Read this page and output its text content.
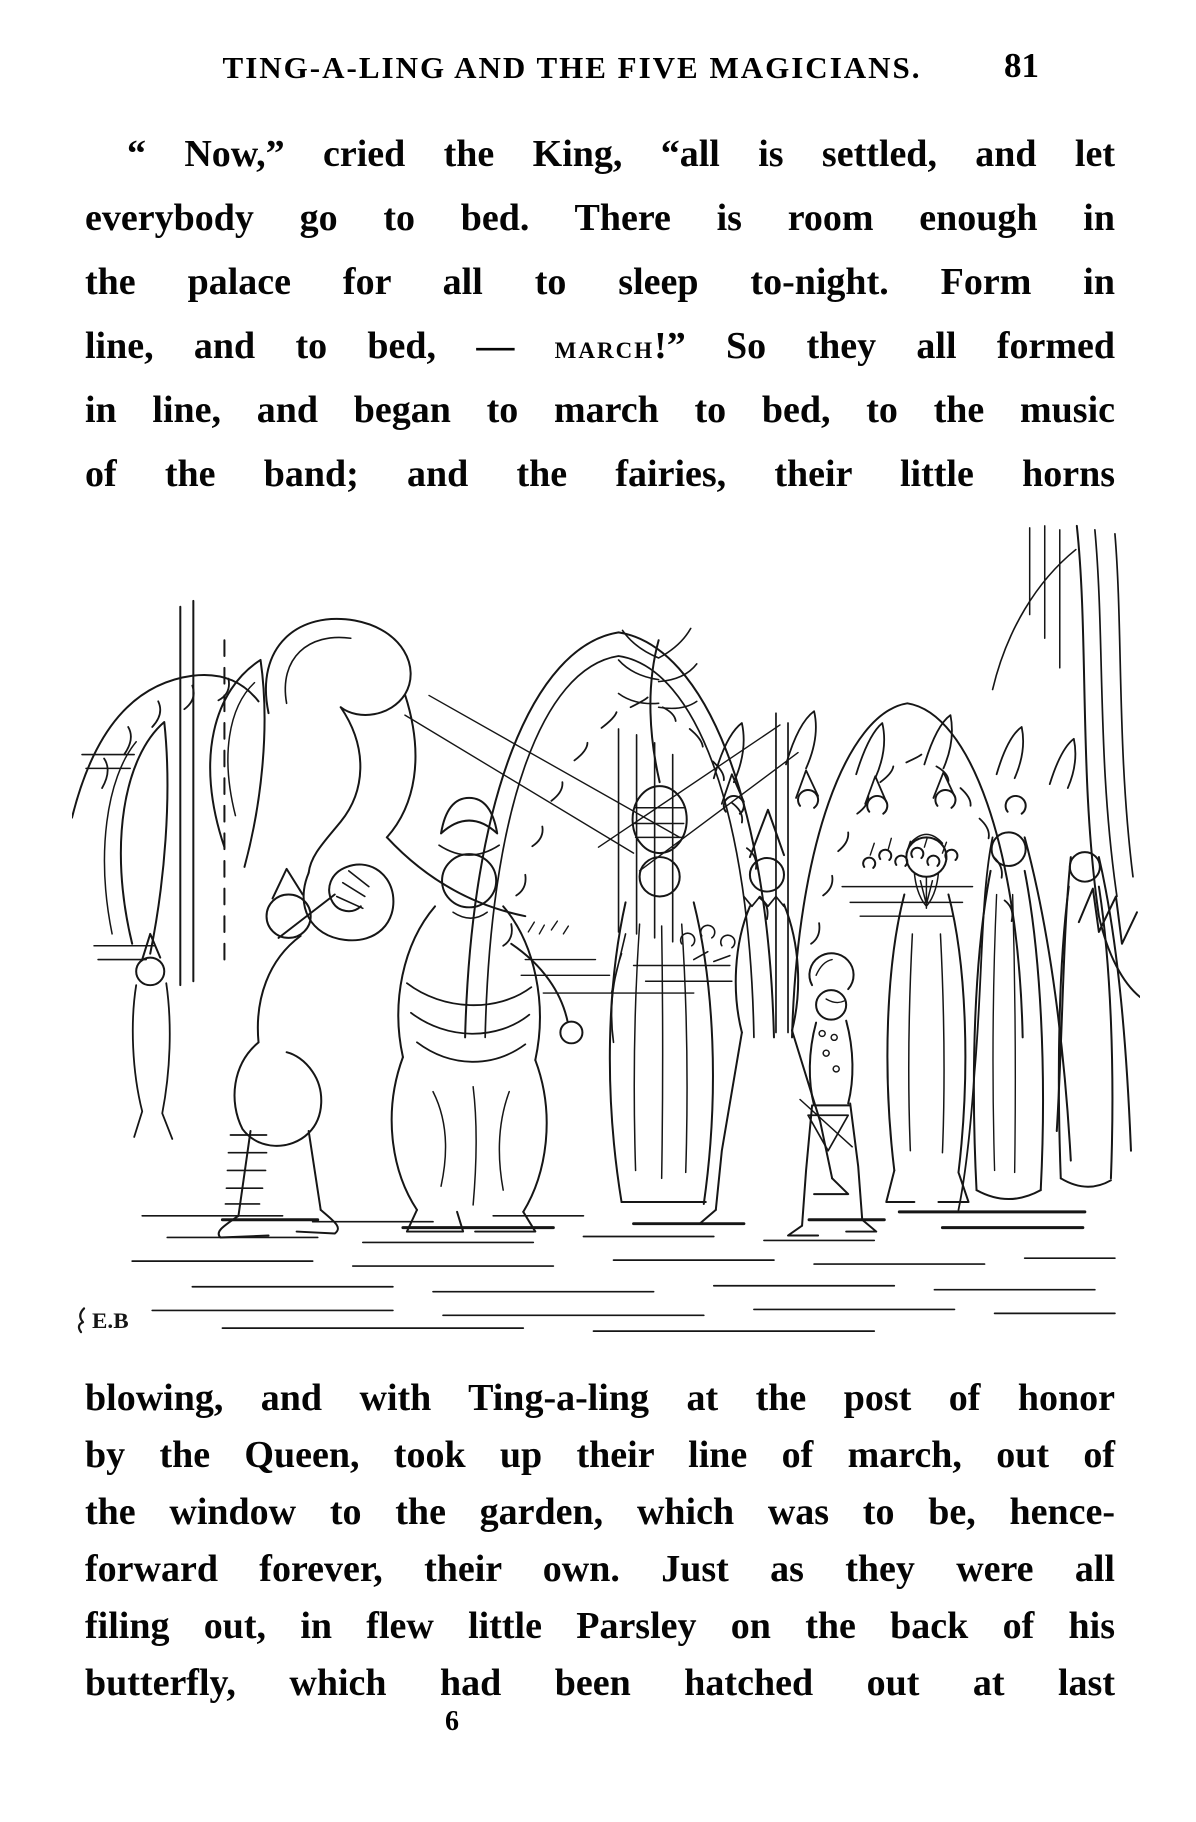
TING-A-LING AND THE FIVE MAGICIANS. 81
“ Now,” cried the King, “all is settled, and let
everybody go to bed. There is room enough in
the palace for all to sleep to-night. Form in
line, and to bed, — march!” So they all formed
in line, and began to march to bed, to the music
of the band; and the fairies, their little horns
E.B
blowing, and with Ting-a-ling at the post of honor
by the Queen, took up their line of march, out of
the window to the garden, which was to be, hence-
forward forever, their own. Just as they were all
filing out, in flew little Parsley on the back of his
butterfly, which had been hatched out at last
6
